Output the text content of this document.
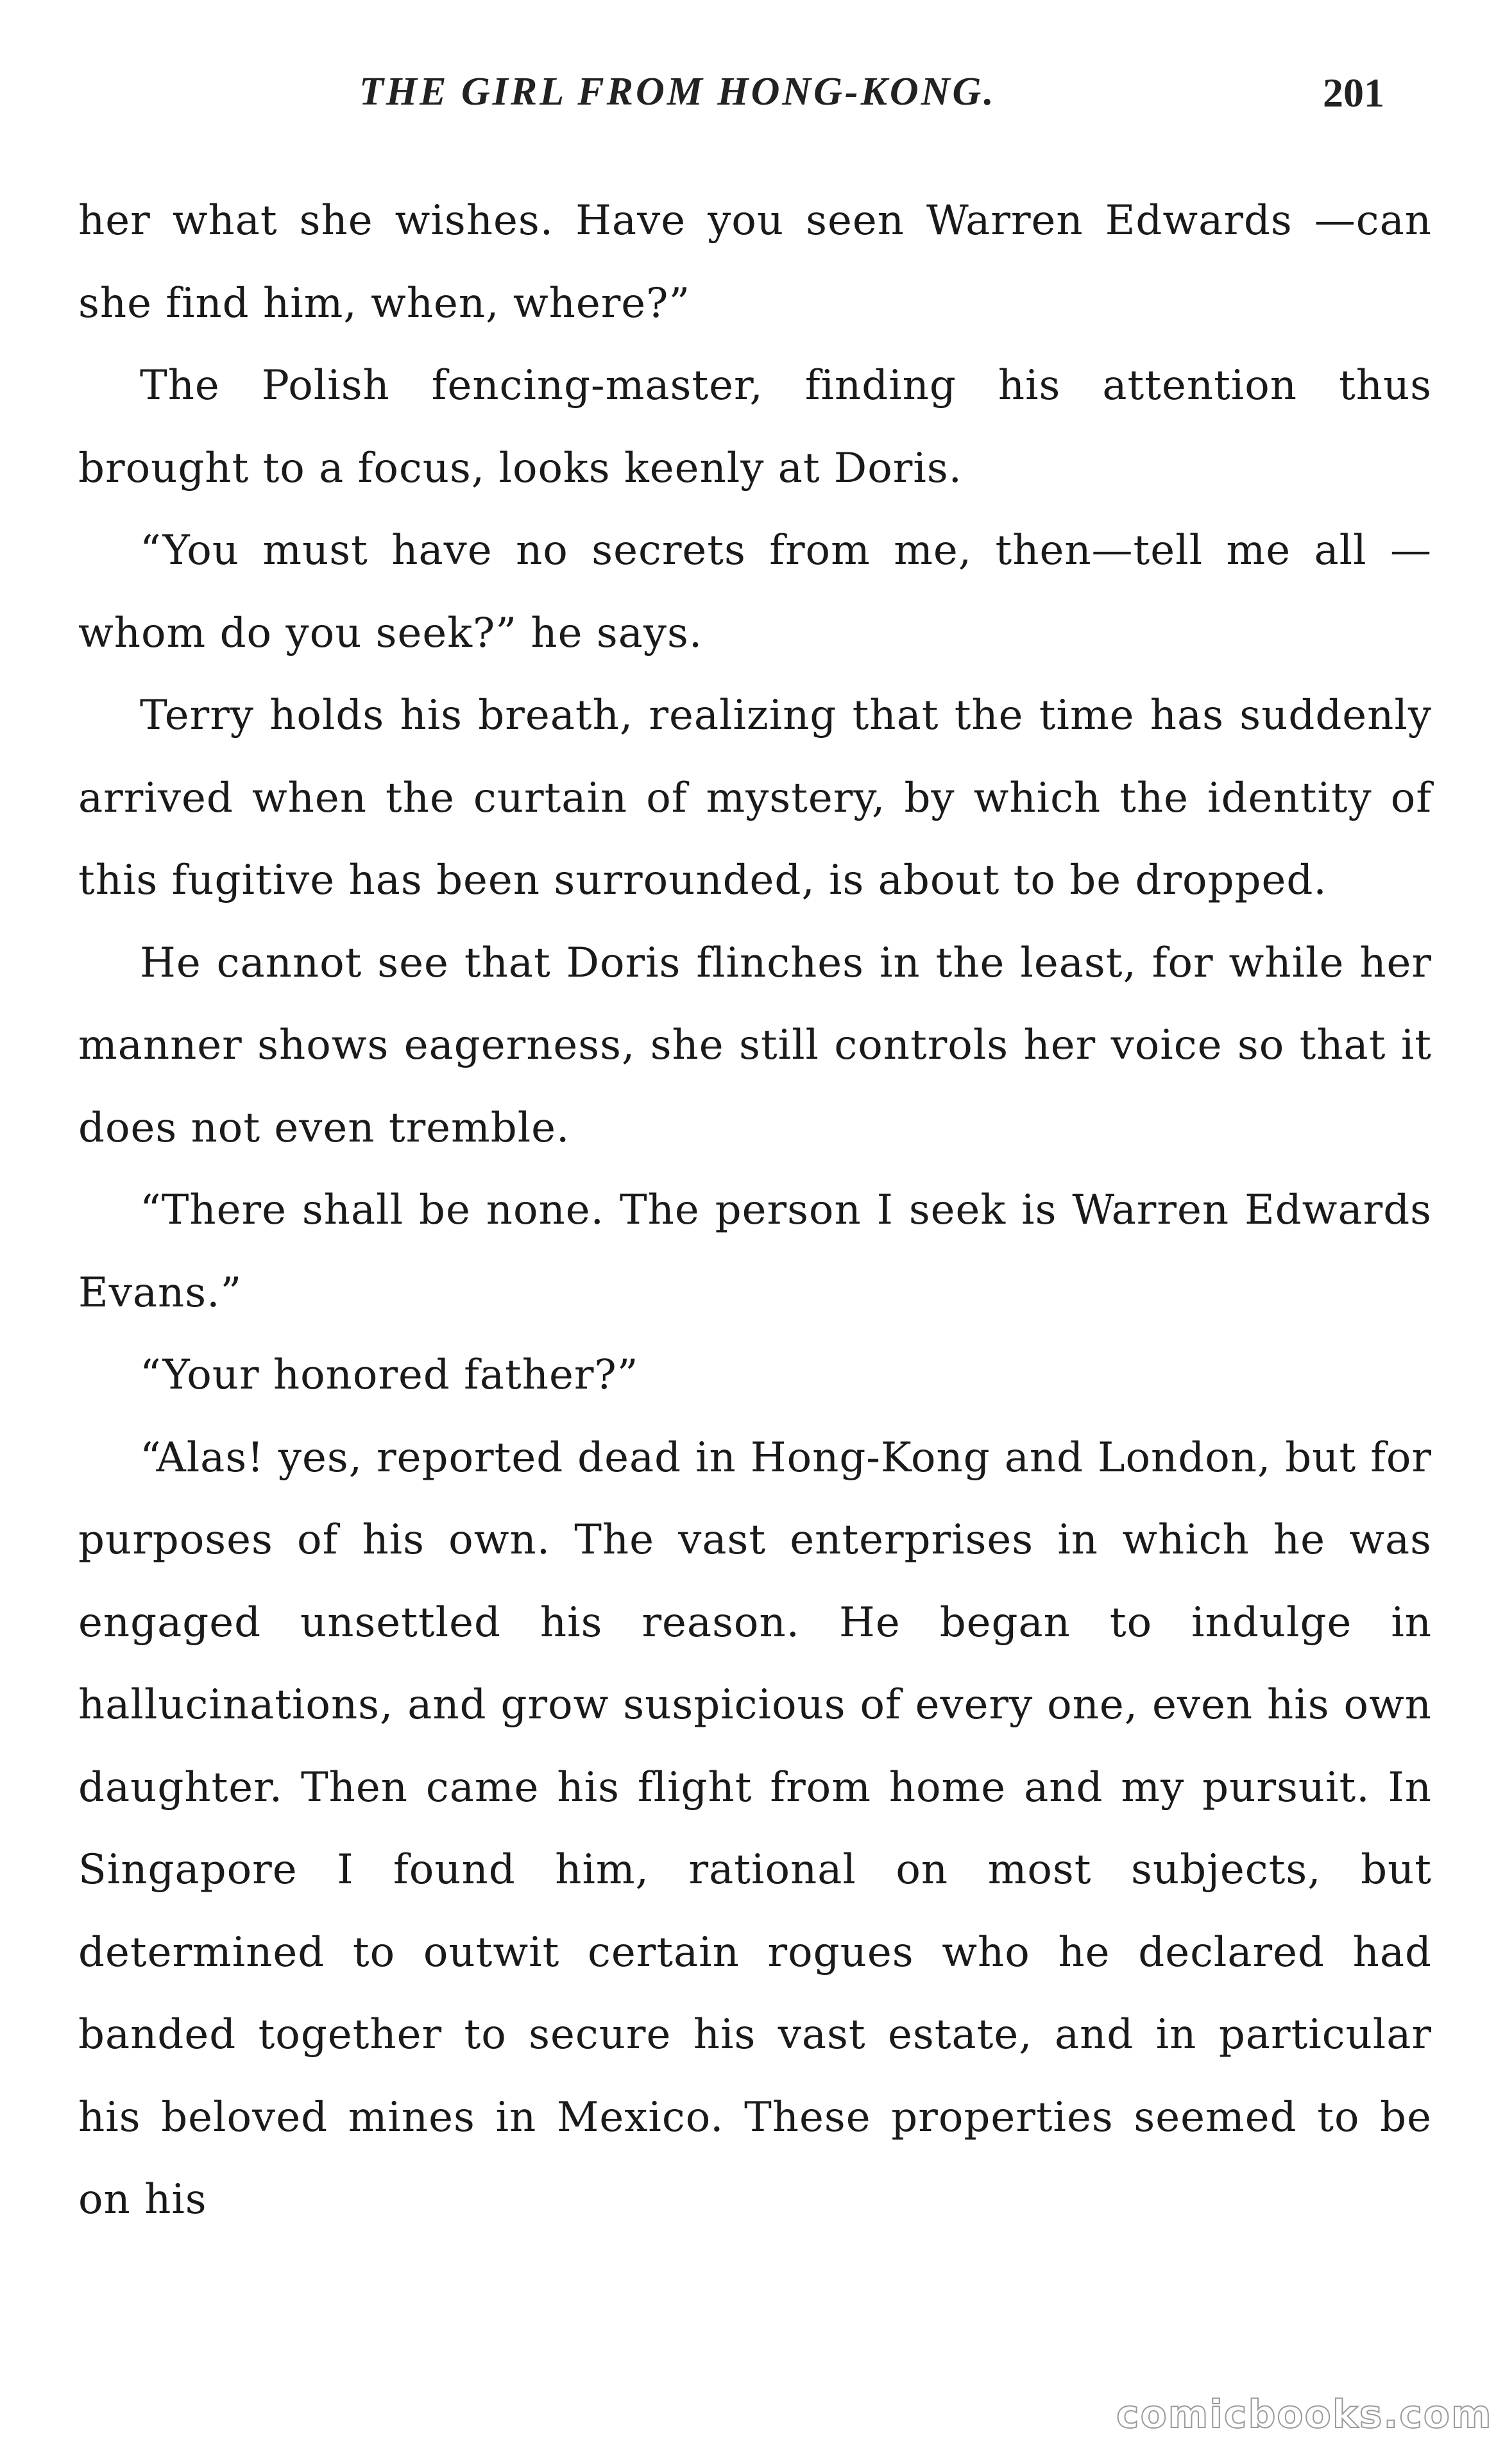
THE GIRL FROM HONG-KONG.	201

her what she wishes. Have you seen Warren Edwards —can she find him, when, where?”

The Polish fencing-master, finding his attention thus brought to a focus, looks keenly at Doris.

“You must have no secrets from me, then—tell me all —whom do you seek?” he says.

Terry holds his breath, realizing that the time has suddenly arrived when the curtain of mystery, by which the identity of this fugitive has been surrounded, is about to be dropped.

He cannot see that Doris flinches in the least, for while her manner shows eagerness, she still controls her voice so that it does not even tremble.

“There shall be none. The person I seek is Warren Edwards Evans.”

“Your honored father?”

“Alas! yes, reported dead in Hong-Kong and London, but for purposes of his own. The vast enterprises in which he was engaged unsettled his reason. He began to indulge in hallucinations, and grow suspicious of every one, even his own daughter. Then came his flight from home and my pursuit. In Singapore I found him, rational on most subjects, but determined to outwit certain rogues who he declared had banded together to secure his vast estate, and in particular his beloved mines in Mexico. These properties seemed to be on his

comicbooks.com
